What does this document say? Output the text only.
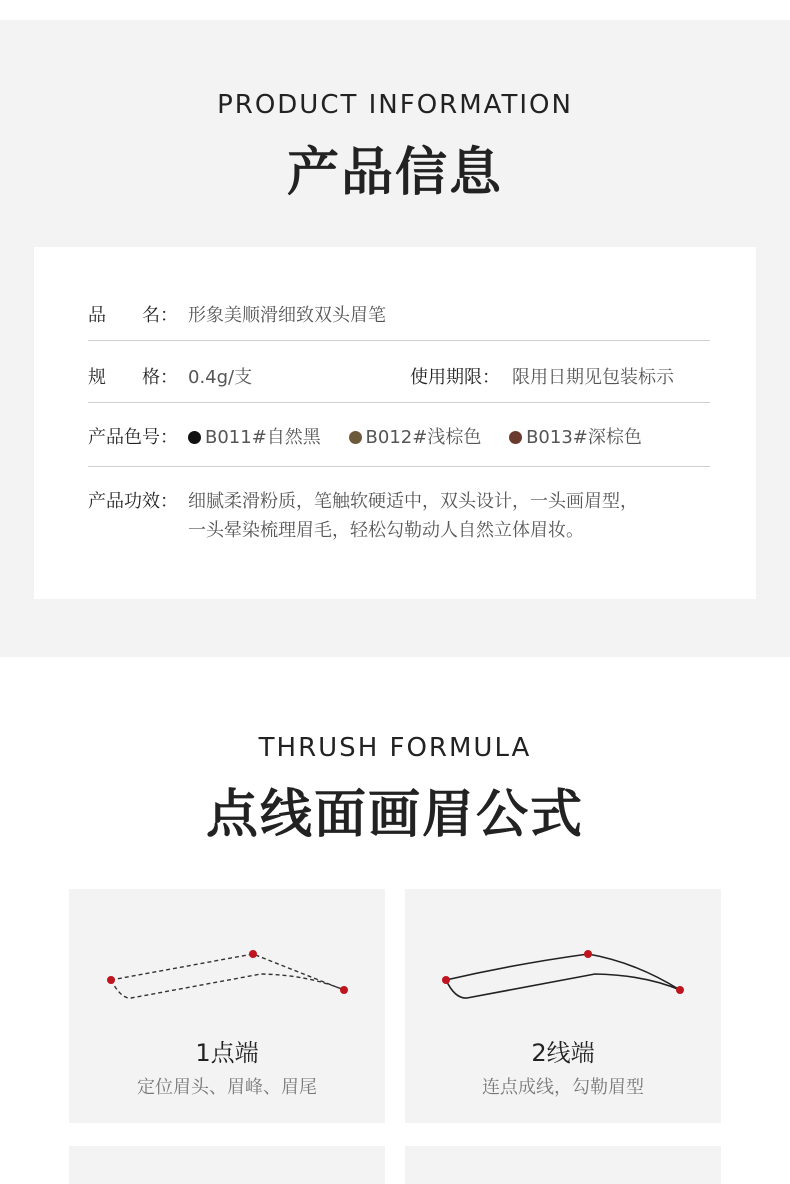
PRODUCT INFORMATION
产品信息
品　　名： 形象美顺滑细致双头眉笔
规　　格： 0.4g/支	使用期限： 限用日期见包装标示
产品色号：	B011#自然黑 B012#浅棕色 B013#深棕色
产品功效： 细腻柔滑粉质，笔触软硬适中，双头设计，一头画眉型，
一头晕染梳理眉毛，轻松勾勒动人自然立体眉妆。
THRUSH FORMULA
点线面画眉公式
1点端
定位眉头、眉峰、眉尾
2线端
连点成线，勾勒眉型
